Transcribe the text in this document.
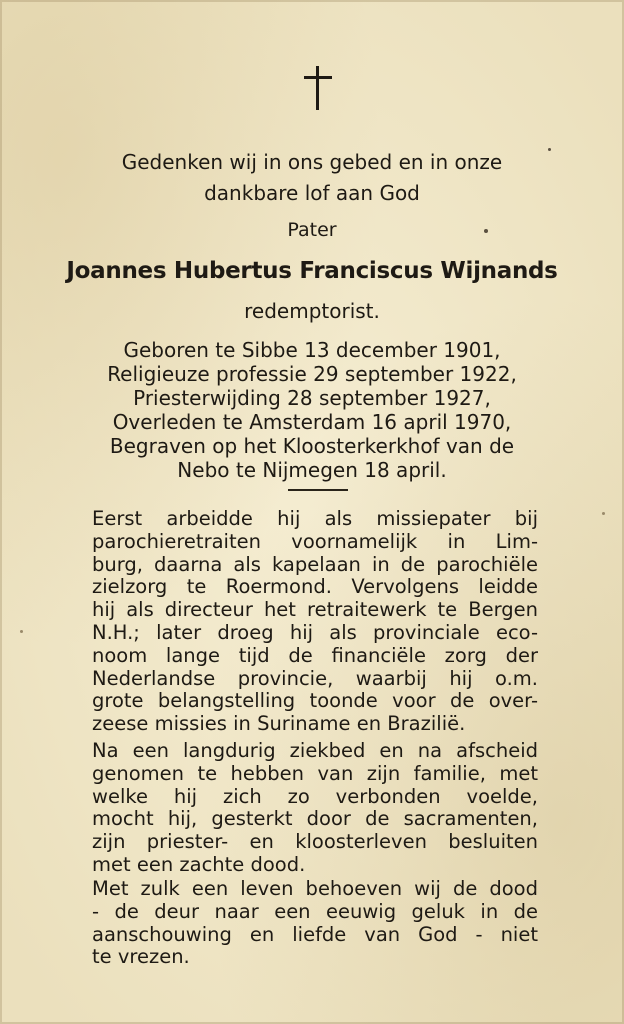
Gedenken wij in ons gebed en in onze
dankbare lof aan God
Pater
Joannes Hubertus Franciscus Wijnands
redemptorist.
Geboren te Sibbe 13 december 1901,
Religieuze professie 29 september 1922,
Priesterwijding 28 september 1927,
Overleden te Amsterdam 16 april 1970,
Begraven op het Kloosterkerkhof van de
Nebo te Nijmegen 18 april.
Eerst arbeidde hij als missiepater bij
parochieretraiten voornamelijk in Lim-
burg, daarna als kapelaan in de parochiële
zielzorg te Roermond. Vervolgens leidde
hij als directeur het retraitewerk te Bergen
N.H.; later droeg hij als provinciale eco-
noom lange tijd de financiële zorg der
Nederlandse provincie, waarbij hij o.m.
grote belangstelling toonde voor de over-
zeese missies in Suriname en Brazilië.
Na een langdurig ziekbed en na afscheid
genomen te hebben van zijn familie, met
welke hij zich zo verbonden voelde,
mocht hij, gesterkt door de sacramenten,
zijn priester- en kloosterleven besluiten
met een zachte dood.
Met zulk een leven behoeven wij de dood
- de deur naar een eeuwig geluk in de
aanschouwing en liefde van God - niet
te vrezen.
